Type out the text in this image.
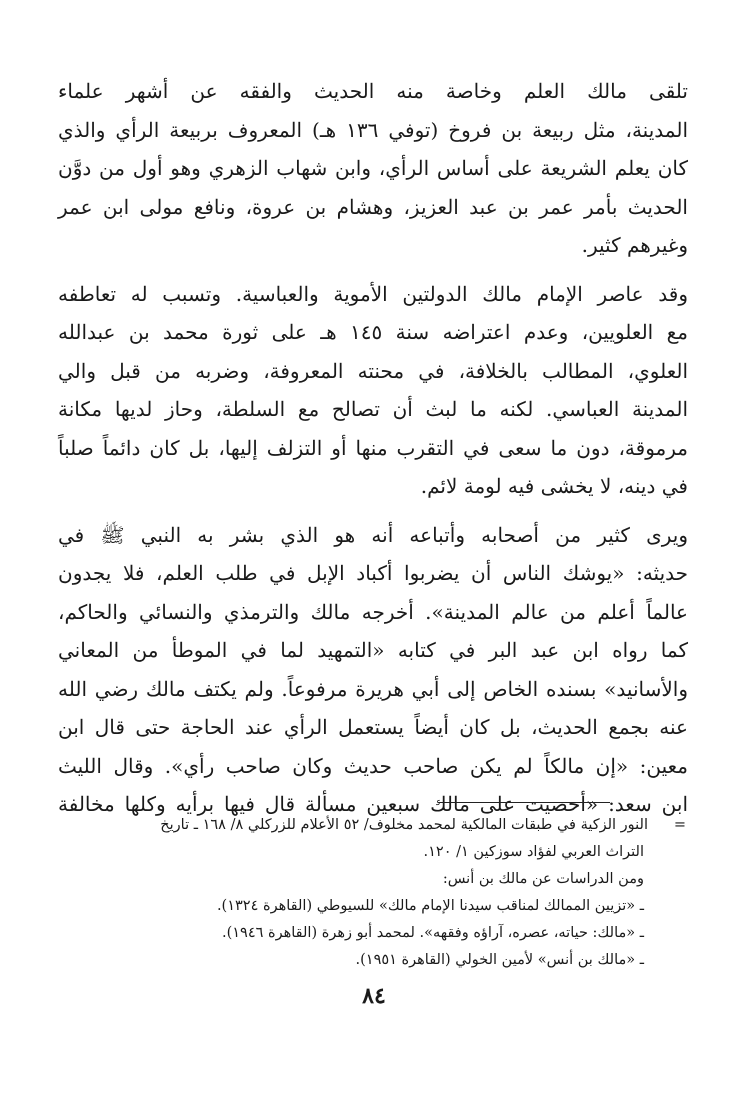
تلقى مالك العلم وخاصة منه الحديث والفقه عن أشهر علماء
المدينة، مثل ربيعة بن فروخ (توفي ١٣٦ هـ) المعروف بربيعة الرأي والذي
كان يعلم الشريعة على أساس الرأي، وابن شهاب الزهري وهو أول من دوَّن
الحديث بأمر عمر بن عبد العزيز، وهشام بن عروة، ونافع مولى ابن عمر
وغيرهم كثير.

وقد عاصر الإمام مالك الدولتين الأموية والعباسية. وتسبب له تعاطفه
مع العلويين، وعدم اعتراضه سنة ١٤٥ هـ على ثورة محمد بن عبدالله
العلوي، المطالب بالخلافة، في محنته المعروفة، وضربه من قبل والي
المدينة العباسي. لكنه ما لبث أن تصالح مع السلطة، وحاز لديها مكانة
مرموقة، دون ما سعى في التقرب منها أو التزلف إليها، بل كان دائماً صلباً
في دينه، لا يخشى فيه لومة لائم.

ويرى كثير من أصحابه وأتباعه أنه هو الذي بشر به النبي ﷺ في
حديثه: «يوشك الناس أن يضربوا أكباد الإبل في طلب العلم، فلا يجدون
عالماً أعلم من عالم المدينة». أخرجه مالك والترمذي والنسائي والحاكم،
كما رواه ابن عبد البر في كتابه «التمهيد لما في الموطأ من المعاني
والأسانيد» بسنده الخاص إلى أبي هريرة مرفوعاً. ولم يكتف مالك رضي الله
عنه بجمع الحديث، بل كان أيضاً يستعمل الرأي عند الحاجة حتى قال ابن
معين: «إن مالكاً لم يكن صاحب حديث وكان صاحب رأي». وقال الليث
ابن سعد: «أحصيت على مالك سبعين مسألة قال فيها برأيه وكلها مخالفة

=النور الزكية في طبقات المالكية لمحمد مخلوف/ ٥٢ الأعلام للزركلي ٨/ ١٦٨ ـ تاريخ
التراث العربي لفؤاد سوزكين ١/ ١٢٠.
ومن الدراسات عن مالك بن أنس:
ـ «تزيين الممالك لمناقب سيدنا الإمام مالك» للسيوطي (القاهرة ١٣٢٤).
ـ «مالك: حياته، عصره، آراؤه وفقهه». لمحمد أبو زهرة (القاهرة ١٩٤٦).
ـ «مالك بن أنس» لأمين الخولي (القاهرة ١٩٥١).
٨٤
